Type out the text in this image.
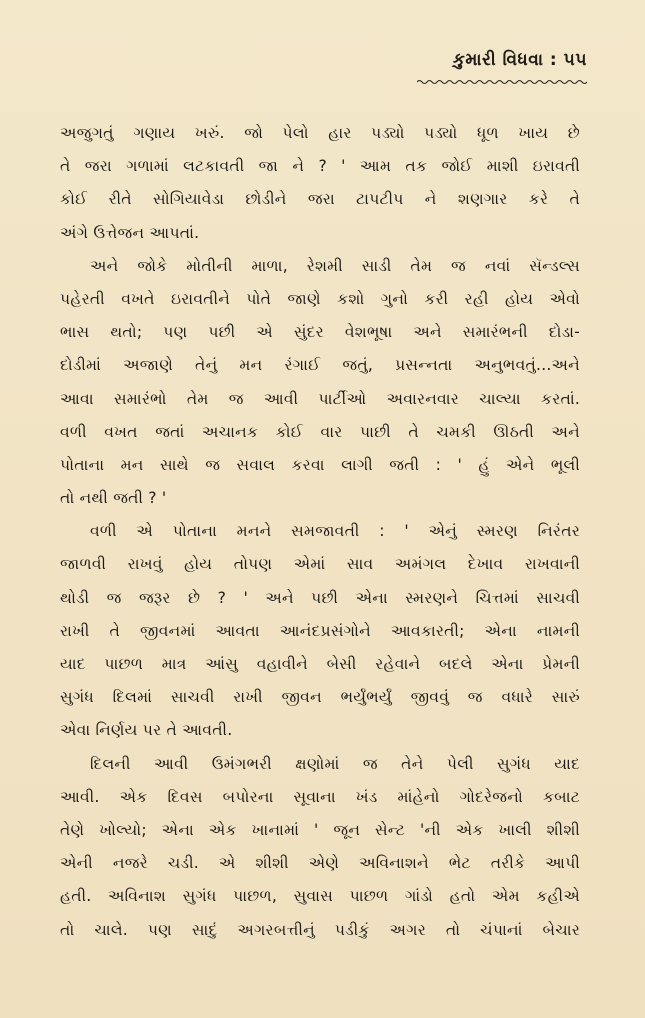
કુમારી વિધવા : ૫૫
અજુગતું ગણાય ખરું. જો પેલો હાર પડ્યો પડ્યો ધૂળ ખાય છે
તે જરા ગળામાં લટકાવતી જા ને ? ' આમ તક જોઈ માશી ઇરાવતી
કોઈ રીતે સોગિયાવેડા છોડીને જરા ટાપટીપ ને શણગાર કરે તે
અંગે ઉત્તેજન આપતાં.
અને જોકે મોતીની માળા, રેશમી સાડી તેમ જ નવાં સૅન્ડલ્સ
પહેરતી વખતે ઇરાવતીને પોતે જાણે કશો ગુનો કરી રહી હોય એવો
ભાસ થતો; પણ પછી એ સુંદર વેશભૂષા અને સમારંભની દોડા-
દોડીમાં અજાણે તેનું મન રંગાઈ જતું, પ્રસન્નતા અનુભવતું...અને
આવા સમારંભો તેમ જ આવી પાર્ટીઓ અવારનવાર ચાલ્યા કરતાં.
વળી વખત જતાં અચાનક કોઈ વાર પાછી તે ચમકી ઊઠતી અને
પોતાના મન સાથે જ સવાલ કરવા લાગી જતી : ' હું એને ભૂલી
તો નથી જતી ? '
વળી એ પોતાના મનને સમજાવતી : ' એનું સ્મરણ નિરંતર
જાળવી રાખવું હોય તોપણ એમાં સાવ અમંગલ દેખાવ રાખવાની
થોડી જ જરૂર છે ? ' અને પછી એના સ્મરણને ચિત્તમાં સાચવી
રાખી તે જીવનમાં આવતા આનંદપ્રસંગોને આવકારતી; એના નામની
યાદ પાછળ માત્ર આંસુ વહાવીને બેસી રહેવાને બદલે એના પ્રેમની
સુગંધ દિલમાં સાચવી રાખી જીવન ભર્યુંભર્યું જીવવું જ વધારે સારું
એવા નિર્ણય પર તે આવતી.
દિલની આવી ઉમંગભરી ક્ષણોમાં જ તેને પેલી સુગંધ યાદ
આવી. એક દિવસ બપોરના સૂવાના ખંડ માંહેનો ગોદરેજનો કબાટ
તેણે ખોલ્યો; એના એક ખાનામાં ' જૂન સેન્ટ 'ની એક ખાલી શીશી
એની નજરે ચડી. એ શીશી એણે અવિનાશને ભેટ તરીકે આપી
હતી. અવિનાશ સુગંધ પાછળ, સુવાસ પાછળ ગાંડો હતો એમ કહીએ
તો ચાલે. પણ સાદું અગરબત્તીનું પડીકું અગર તો ચંપાનાં બેચાર
